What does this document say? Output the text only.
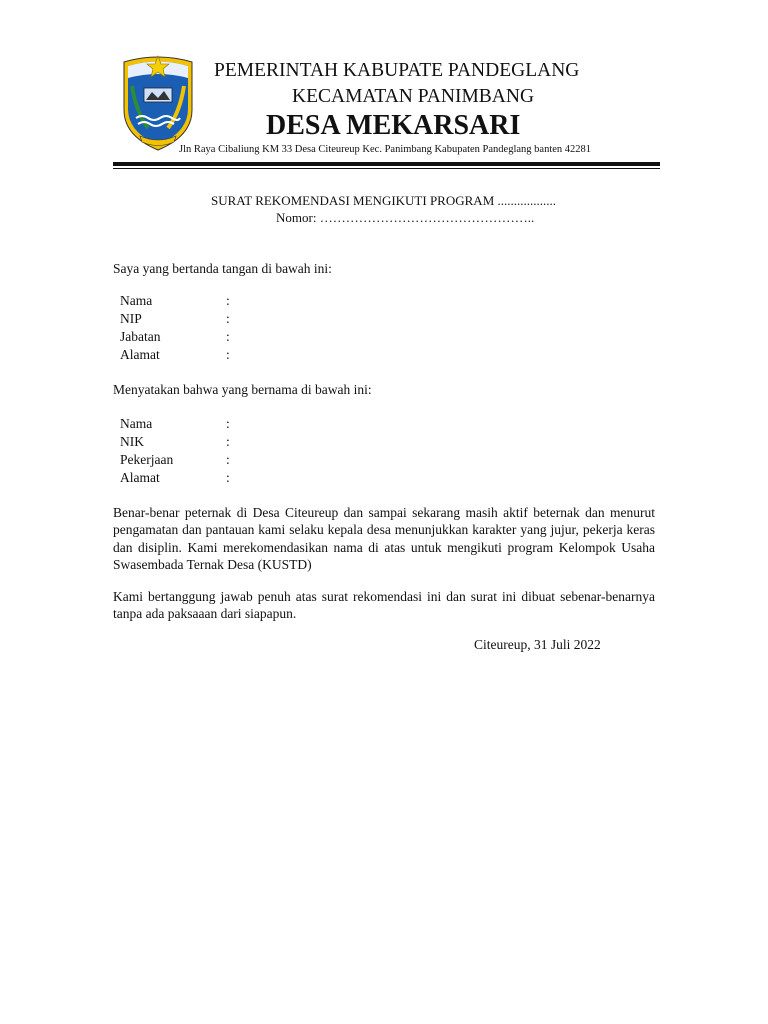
PEMERINTAH KABUPATE PANDEGLANG
KECAMATAN PANIMBANG
DESA MEKARSARI
Jln Raya Cibaliung KM 33 Desa Citeureup Kec. Panimbang Kabupaten Pandeglang banten 42281
SURAT REKOMENDASI MENGIKUTI PROGRAM ..................
Nomor: …………………………………………..
Saya yang bertanda tangan di bawah ini:
Nama	:
NIP	:
Jabatan	:
Alamat	:
Menyatakan bahwa yang bernama di bawah ini:
Nama	:
NIK	:
Pekerjaan	:
Alamat	:
Benar-benar peternak di Desa Citeureup dan sampai sekarang masih aktif beternak dan menurut pengamatan dan pantauan kami selaku kepala desa menunjukkan karakter yang jujur, pekerja keras dan disiplin. Kami merekomendasikan nama di atas untuk mengikuti program Kelompok Usaha Swasembada Ternak Desa (KUSTD)
Kami bertanggung jawab penuh atas surat rekomendasi ini dan surat ini dibuat sebenar-benarnya tanpa ada paksaaan dari siapapun.
Citeureup, 31 Juli 2022
